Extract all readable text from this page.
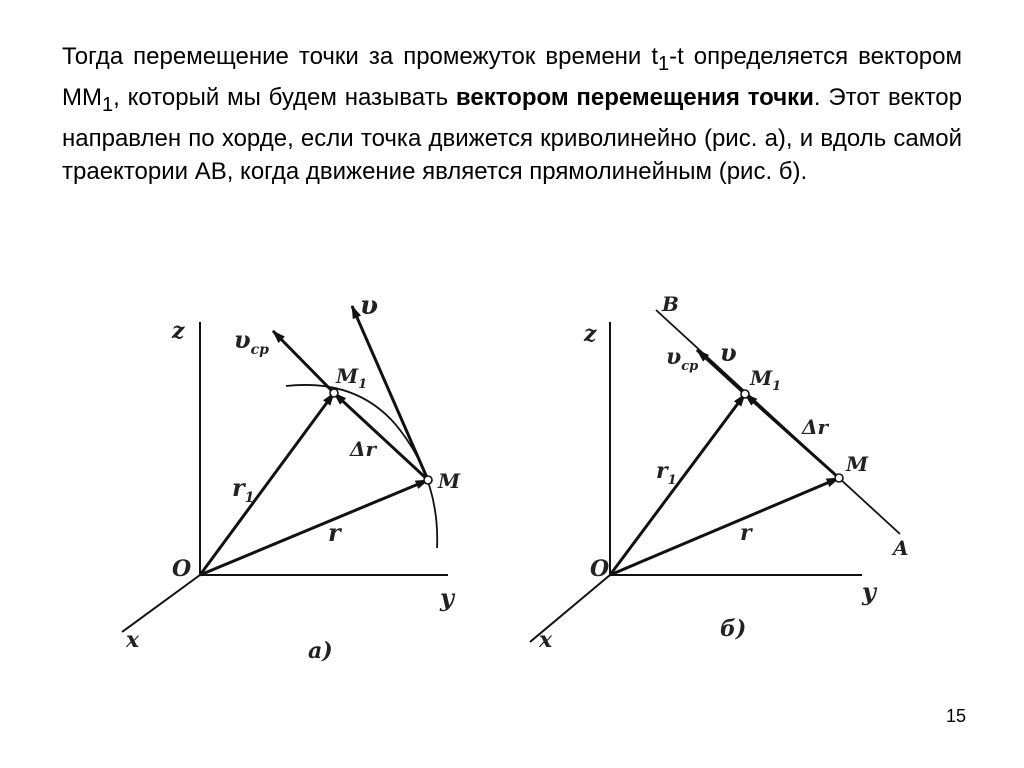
Тогда перемещение точки за промежуток времени $t_1-t$ определяется вектором $MM_1$, который мы будем называть вектором перемещения точки. Этот вектор направлен по хорде, если точка движется криволинейно (рис. а), и вдоль самой траектории AB, когда движение является прямолинейным (рис. б).
z
y
x
O
$\upsilon_{ср}$
υ
$M_1$
M
$r_1$
r
Δr
а)
z
y
x
O
B
A
$\upsilon_{ср}$ υ
$M_1$
M
$r_1$
r
Δr
б)
15
